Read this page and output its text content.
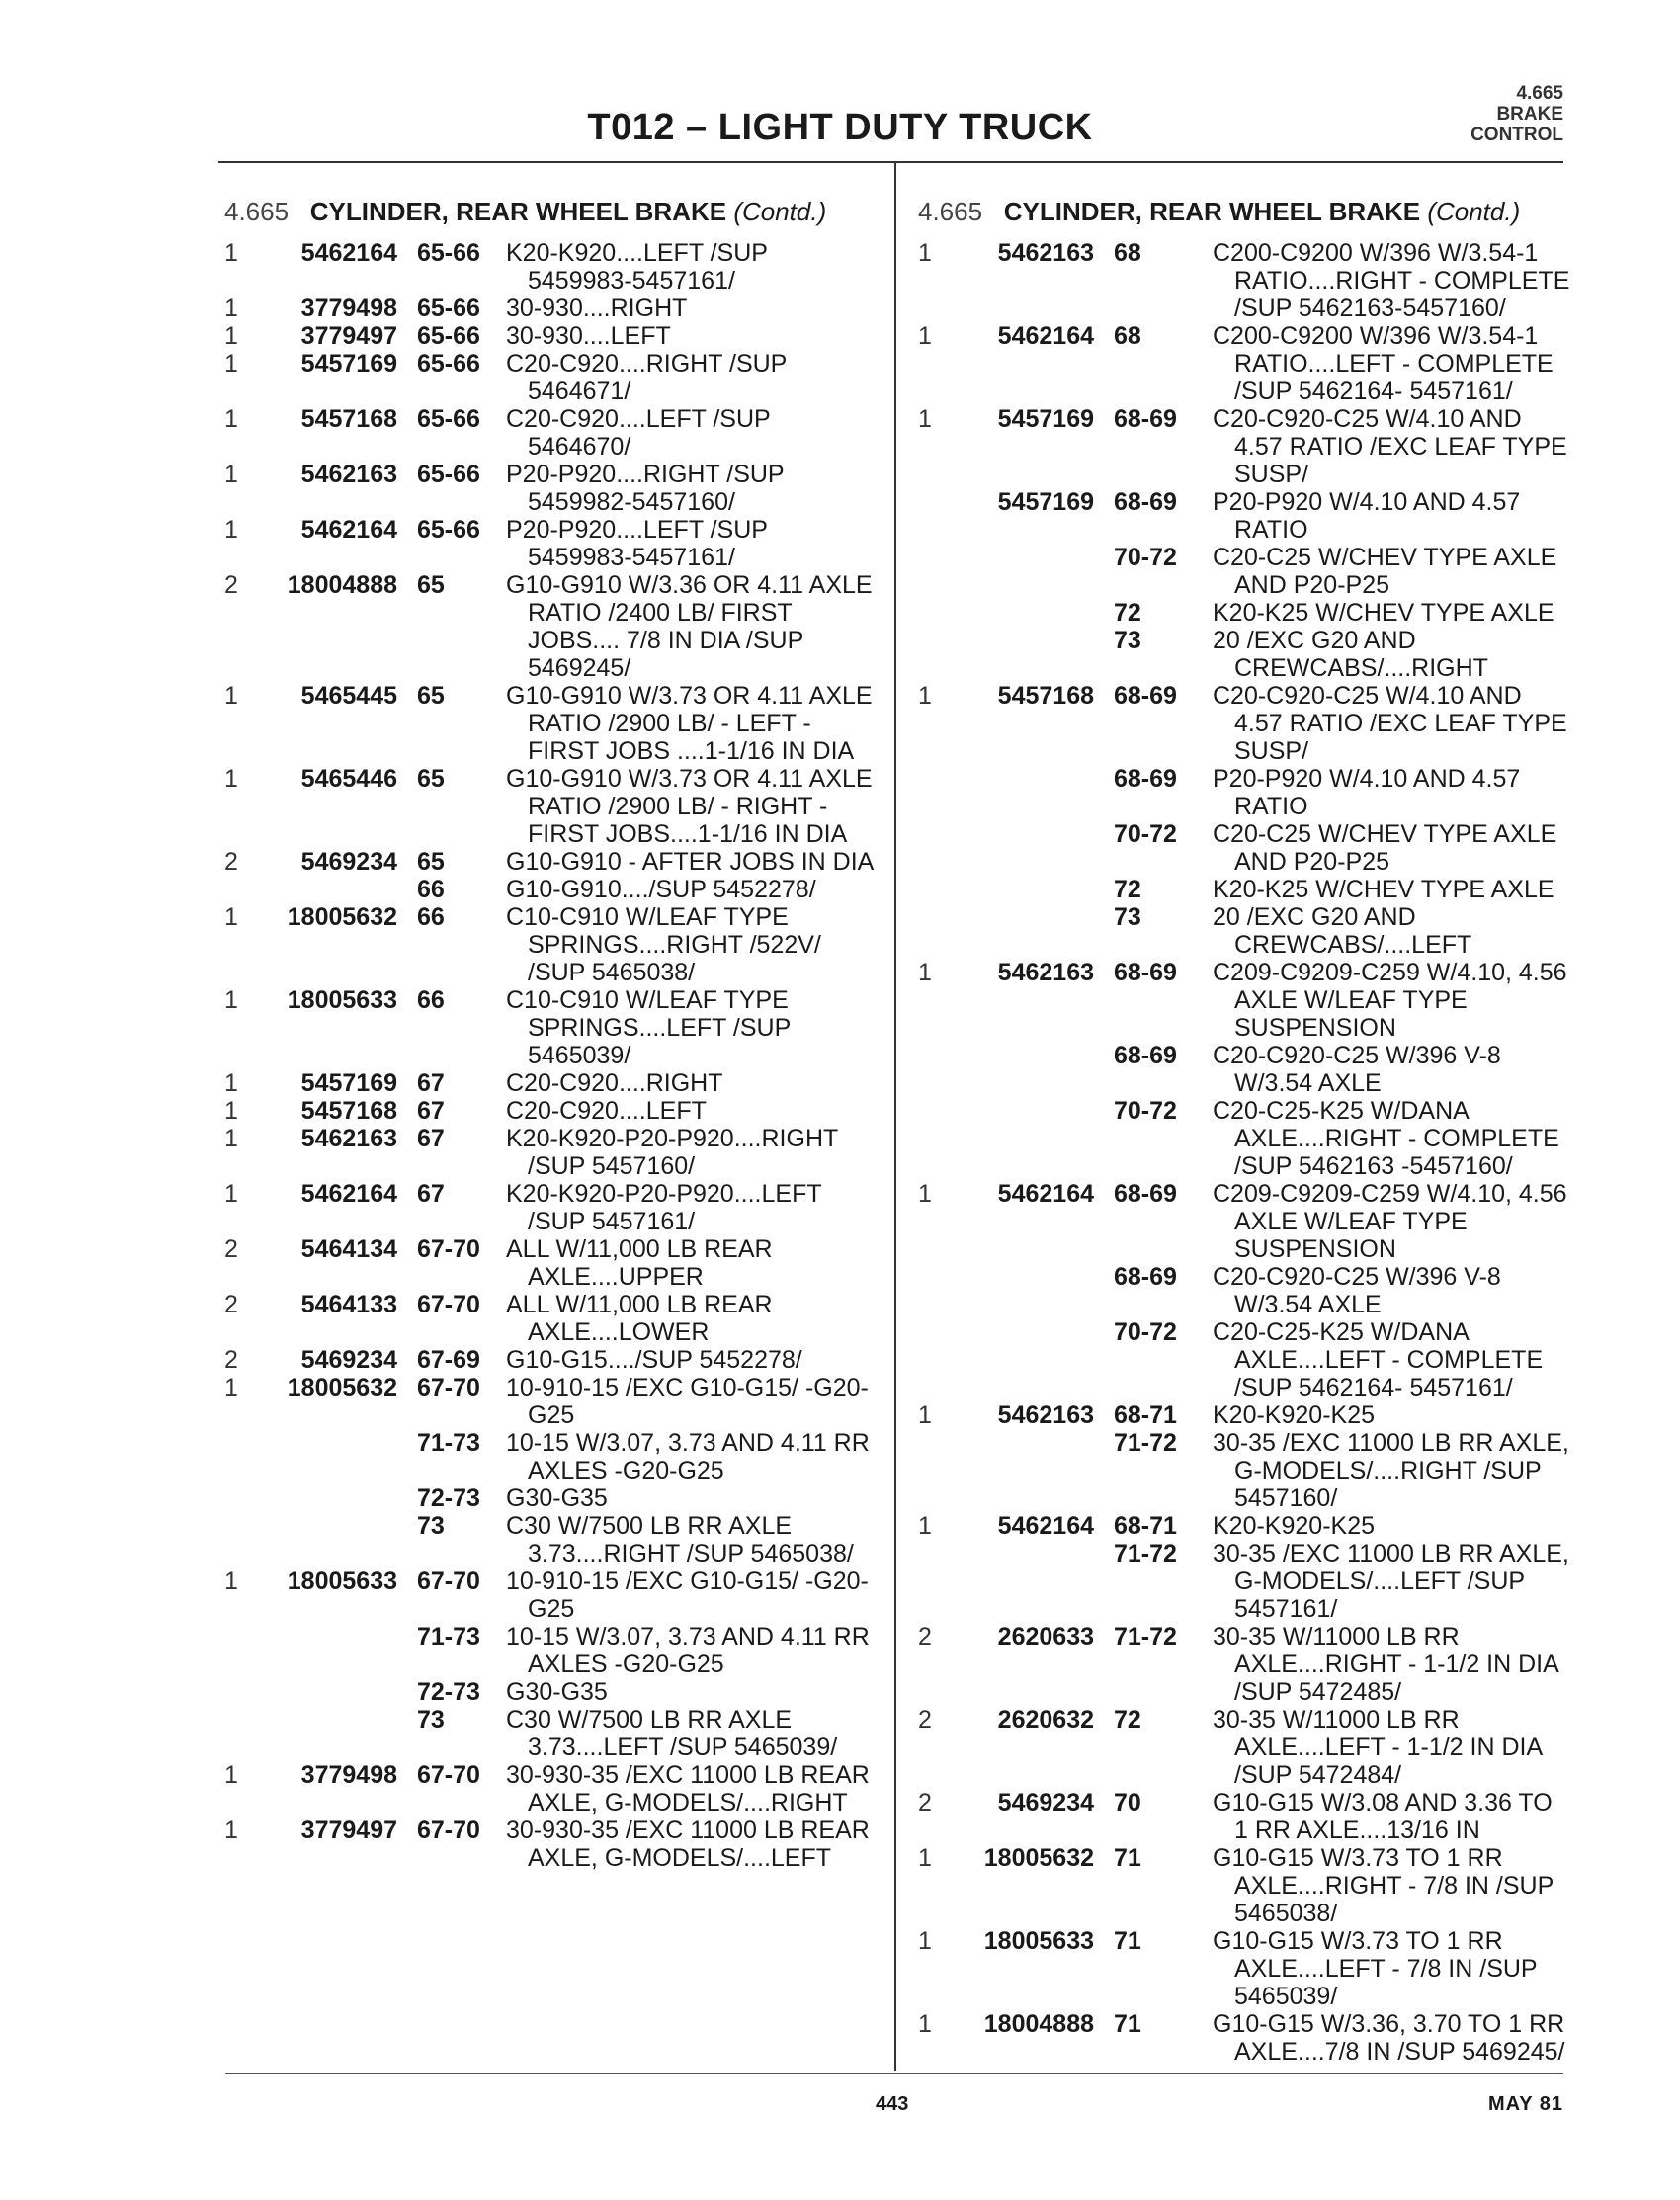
T012 – LIGHT DUTY TRUCK
4.665
BRAKE
CONTROL
4.665 CYLINDER, REAR WHEEL BRAKE (Contd.)
1	5462164 65-66 K20-K920....LEFT /SUP 5459983-5457161/
1	3779498 65-66 30-930....RIGHT
1	3779497 65-66 30-930....LEFT
1	5457169 65-66 C20-C920....RIGHT /SUP 5464671/
1	5457168 65-66 C20-C920....LEFT /SUP 5464670/
1	5462163 65-66 P20-P920....RIGHT /SUP 5459982-5457160/
1	5462164 65-66 P20-P920....LEFT /SUP 5459983-5457161/
2	18004888 65	G10-G910 W/3.36 OR 4.11 AXLE RATIO /2400 LB/ FIRST JOBS.... 7/8 IN DIA /SUP 5469245/
1	5465445 65	G10-G910 W/3.73 OR 4.11 AXLE RATIO /2900 LB/ - LEFT - FIRST JOBS ....1-1/16 IN DIA
1	5465446 65	G10-G910 W/3.73 OR 4.11 AXLE RATIO /2900 LB/ - RIGHT - FIRST JOBS....1-1/16 IN DIA
2	5469234 65	G10-G910 - AFTER JOBS IN DIA
66	G10-G910..../SUP 5452278/
1	18005632 66	C10-C910 W/LEAF TYPE SPRINGS....RIGHT /522V/ /SUP 5465038/
1	18005633 66	C10-C910 W/LEAF TYPE SPRINGS....LEFT /SUP 5465039/
1	5457169 67	C20-C920....RIGHT
1	5457168 67	C20-C920....LEFT
1	5462163 67	K20-K920-P20-P920....RIGHT /SUP 5457160/
1	5462164 67	K20-K920-P20-P920....LEFT /SUP 5457161/
2	5464134 67-70 ALL W/11,000 LB REAR AXLE....UPPER
2	5464133 67-70 ALL W/11,000 LB REAR AXLE....LOWER
2	5469234 67-69 G10-G15..../SUP 5452278/
1	18005632 67-70 10-910-15 /EXC G10-G15/ -G20-G25
71-73 10-15 W/3.07, 3.73 AND 4.11 RR AXLES -G20-G25
72-73 G30-G35
73	C30 W/7500 LB RR AXLE 3.73....RIGHT /SUP 5465038/
1	18005633 67-70 10-910-15 /EXC G10-G15/ -G20-G25
71-73 10-15 W/3.07, 3.73 AND 4.11 RR AXLES -G20-G25
72-73 G30-G35
73	C30 W/7500 LB RR AXLE 3.73....LEFT /SUP 5465039/
1	3779498 67-70 30-930-35 /EXC 11000 LB REAR AXLE, G-MODELS/....RIGHT
1	3779497 67-70 30-930-35 /EXC 11000 LB REAR AXLE, G-MODELS/....LEFT
4.665 CYLINDER, REAR WHEEL BRAKE (Contd.)
1	5462163 68	C200-C9200 W/396 W/3.54-1 RATIO....RIGHT - COMPLETE /SUP 5462163-5457160/
1	5462164 68	C200-C9200 W/396 W/3.54-1 RATIO....LEFT - COMPLETE /SUP 5462164- 5457161/
1	5457169 68-69 C20-C920-C25 W/4.10 AND 4.57 RATIO /EXC LEAF TYPE SUSP/
5457169 68-69 P20-P920 W/4.10 AND 4.57 RATIO
70-72 C20-C25 W/CHEV TYPE AXLE AND P20-P25
72	K20-K25 W/CHEV TYPE AXLE
73	20 /EXC G20 AND CREWCABS/....RIGHT
1	5457168 68-69 C20-C920-C25 W/4.10 AND 4.57 RATIO /EXC LEAF TYPE SUSP/
68-69 P20-P920 W/4.10 AND 4.57 RATIO
70-72 C20-C25 W/CHEV TYPE AXLE AND P20-P25
72	K20-K25 W/CHEV TYPE AXLE
73	20 /EXC G20 AND CREWCABS/....LEFT
1	5462163 68-69 C209-C9209-C259 W/4.10, 4.56 AXLE W/LEAF TYPE SUSPENSION
68-69 C20-C920-C25 W/396 V-8 W/3.54 AXLE
70-72 C20-C25-K25 W/DANA AXLE....RIGHT - COMPLETE /SUP 5462163 -5457160/
1	5462164 68-69 C209-C9209-C259 W/4.10, 4.56 AXLE W/LEAF TYPE SUSPENSION
68-69 C20-C920-C25 W/396 V-8 W/3.54 AXLE
70-72 C20-C25-K25 W/DANA AXLE....LEFT - COMPLETE /SUP 5462164- 5457161/
1	5462163 68-71 K20-K920-K25
71-72 30-35 /EXC 11000 LB RR AXLE, G-MODELS/....RIGHT /SUP 5457160/
1	5462164 68-71 K20-K920-K25
71-72 30-35 /EXC 11000 LB RR AXLE, G-MODELS/....LEFT /SUP 5457161/
2	2620633 71-72 30-35 W/11000 LB RR AXLE....RIGHT - 1-1/2 IN DIA /SUP 5472485/
2	2620632 72	30-35 W/11000 LB RR AXLE....LEFT - 1-1/2 IN DIA /SUP 5472484/
2	5469234 70	G10-G15 W/3.08 AND 3.36 TO 1 RR AXLE....13/16 IN
1	18005632 71	G10-G15 W/3.73 TO 1 RR AXLE....RIGHT - 7/8 IN /SUP 5465038/
1	18005633 71	G10-G15 W/3.73 TO 1 RR AXLE....LEFT - 7/8 IN /SUP 5465039/
1	18004888 71	G10-G15 W/3.36, 3.70 TO 1 RR AXLE....7/8 IN /SUP 5469245/
443	MAY 81
